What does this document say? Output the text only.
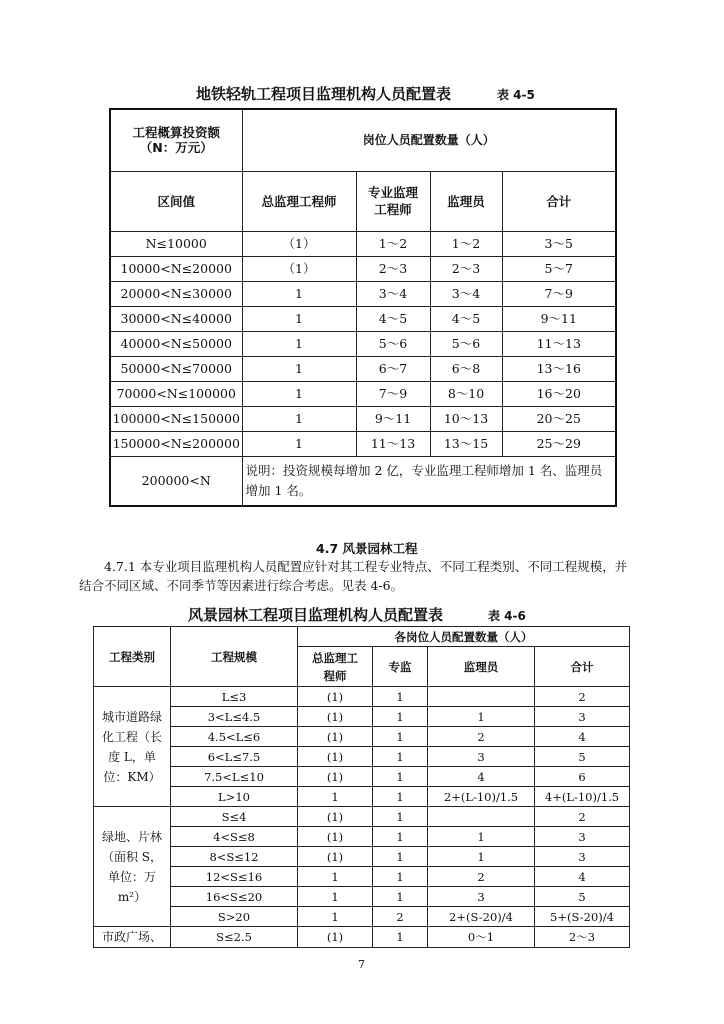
地铁轻轨工程项目监理机构人员配置表	表 4-5
工程概算投资额
（N：万元）	岗位人员配置数量（人）			
区间值	总监理工程师	专业监理工程师	监理员	合计
N≤10000	（1）	1～2	1～2	3～5
10000<N≤20000	（1）	2～3	2～3	5～7
20000<N≤30000	1	3～4	3～4	7～9
30000<N≤40000	1	4～5	4～5	9～11
40000<N≤50000	1	5～6	5～6	11～13
50000<N≤70000	1	6～7	6～8	13～16
70000<N≤100000	1	7～9	8～10	16～20
100000<N≤150000	1	9～11	10～13	20～25
150000<N≤200000	1	11～13	13～15	25～29
200000<N	说明：投资规模每增加 2 亿，专业监理工程师增加 1 名、监理员增加 1 名。			
4.7 风景园林工程
4.7.1 本专业项目监理机构人员配置应针对其工程专业特点、不同工程类别、不同工程规模，并结合不同区域、不同季节等因素进行综合考虑。见表 4-6。
风景园林工程项目监理机构人员配置表	表 4-6
工程类别	工程规模	各岗位人员配置数量（人）			

		总监理工程师	专监	监理员	合计
城市道路绿化工程（长度 L，单位：KM）	L≤3	(1)	1		2
	3<L≤4.5	(1)	1	1	3
	4.5<L≤6	(1)	1	2	4
	6<L≤7.5	(1)	1	3	5
	7.5<L≤10	(1)	1	4	6
	L>10	1	1	2+(L-10)/1.5	4+(L-10)/1.5
绿地、片林（面积 S，单位：万 m²）	S≤4	(1)	1		2
	4<S≤8	(1)	1	1	3
	8<S≤12	(1)	1	1	3
	12<S≤16	1	1	2	4
	16<S≤20	1	1	3	5
	S>20	1	2	2+(S-20)/4	5+(S-20)/4
市政广场、	S≤2.5	(1)	1	0～1	2～3
7
